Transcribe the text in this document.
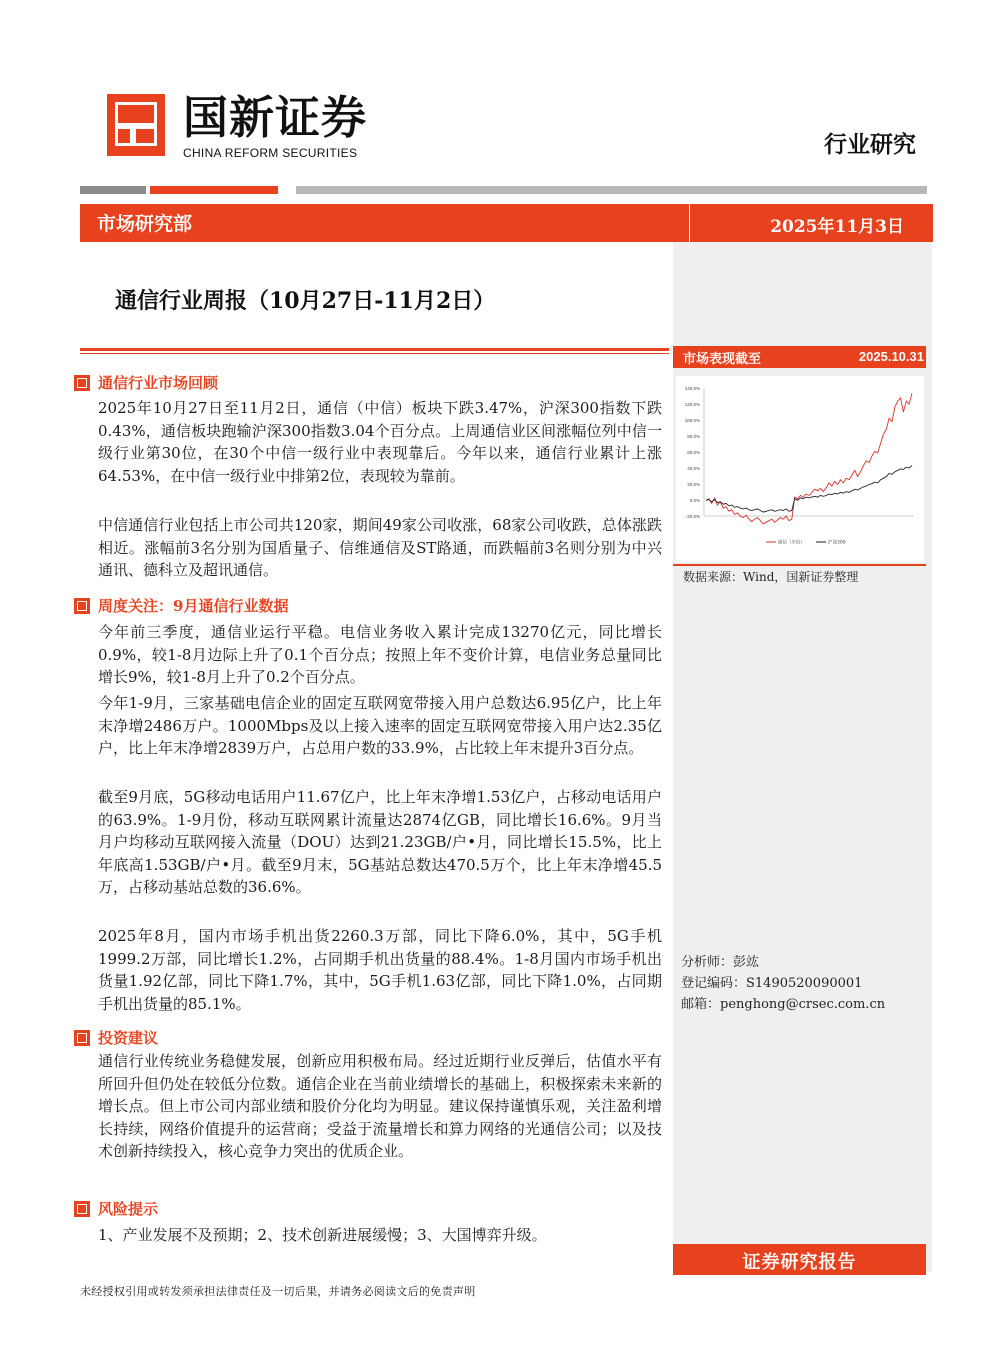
国新证券
CHINA REFORM SECURITIES	行业研究
市场研究部	2025年11月3日
通信行业周报（10月27日-11月2日）
市场表现截至	2025.10.31
140.0%
120.0%
100.0%
80.0%
60.0%
40.0%
20.0%
0.0%
-20.0%
通信（中信）	沪深300
数据来源：Wind，国新证券整理
分析师：彭竑
登记编码：S1490520090001
邮箱：penghong@crsec.com.cn
证券研究报告
通信行业市场回顾
2025年10月27日至11月2日，通信（中信）板块下跌3.47%，沪深300指数下跌0.43%，通信板块跑输沪深300指数3.04个百分点。上周通信业区间涨幅位列中信一级行业第30位，在30个中信一级行业中表现靠后。今年以来，通信行业累计上涨64.53%，在中信一级行业中排第2位，表现较为靠前。
中信通信行业包括上市公司共120家，期间49家公司收涨，68家公司收跌，总体涨跌相近。涨幅前3名分别为国盾量子、信维通信及ST路通，而跌幅前3名则分别为中兴通讯、德科立及超讯通信。
周度关注：9月通信行业数据
今年前三季度，通信业运行平稳。电信业务收入累计完成13270亿元，同比增长0.9%，较1-8月边际上升了0.1个百分点；按照上年不变价计算，电信业务总量同比增长9%，较1-8月上升了0.2个百分点。
今年1-9月，三家基础电信企业的固定互联网宽带接入用户总数达6.95亿户，比上年末净增2486万户。1000Mbps及以上接入速率的固定互联网宽带接入用户达2.35亿户，比上年末净增2839万户，占总用户数的33.9%，占比较上年末提升3百分点。
截至9月底，5G移动电话用户11.67亿户，比上年末净增1.53亿户，占移动电话用户的63.9%。1-9月份，移动互联网累计流量达2874亿GB，同比增长16.6%。9月当月户均移动互联网接入流量（DOU）达到21.23GB/户•月，同比增长15.5%，比上年底高1.53GB/户•月。截至9月末，5G基站总数达470.5万个，比上年末净增45.5万，占移动基站总数的36.6%。
2025年8月，国内市场手机出货2260.3万部，同比下降6.0%，其中，5G手机1999.2万部，同比增长1.2%，占同期手机出货量的88.4%。1-8月国内市场手机出货量1.92亿部，同比下降1.7%，其中，5G手机1.63亿部，同比下降1.0%，占同期手机出货量的85.1%。
投资建议
通信行业传统业务稳健发展，创新应用积极布局。经过近期行业反弹后，估值水平有所回升但仍处在较低分位数。通信企业在当前业绩增长的基础上，积极探索未来新的增长点。但上市公司内部业绩和股价分化均为明显。建议保持谨慎乐观，关注盈利增长持续，网络价值提升的运营商；受益于流量增长和算力网络的光通信公司；以及技术创新持续投入，核心竞争力突出的优质企业。
风险提示
1、产业发展不及预期；2、技术创新进展缓慢；3、大国博弈升级。
未经授权引用或转发须承担法律责任及一切后果，并请务必阅读文后的免责声明
